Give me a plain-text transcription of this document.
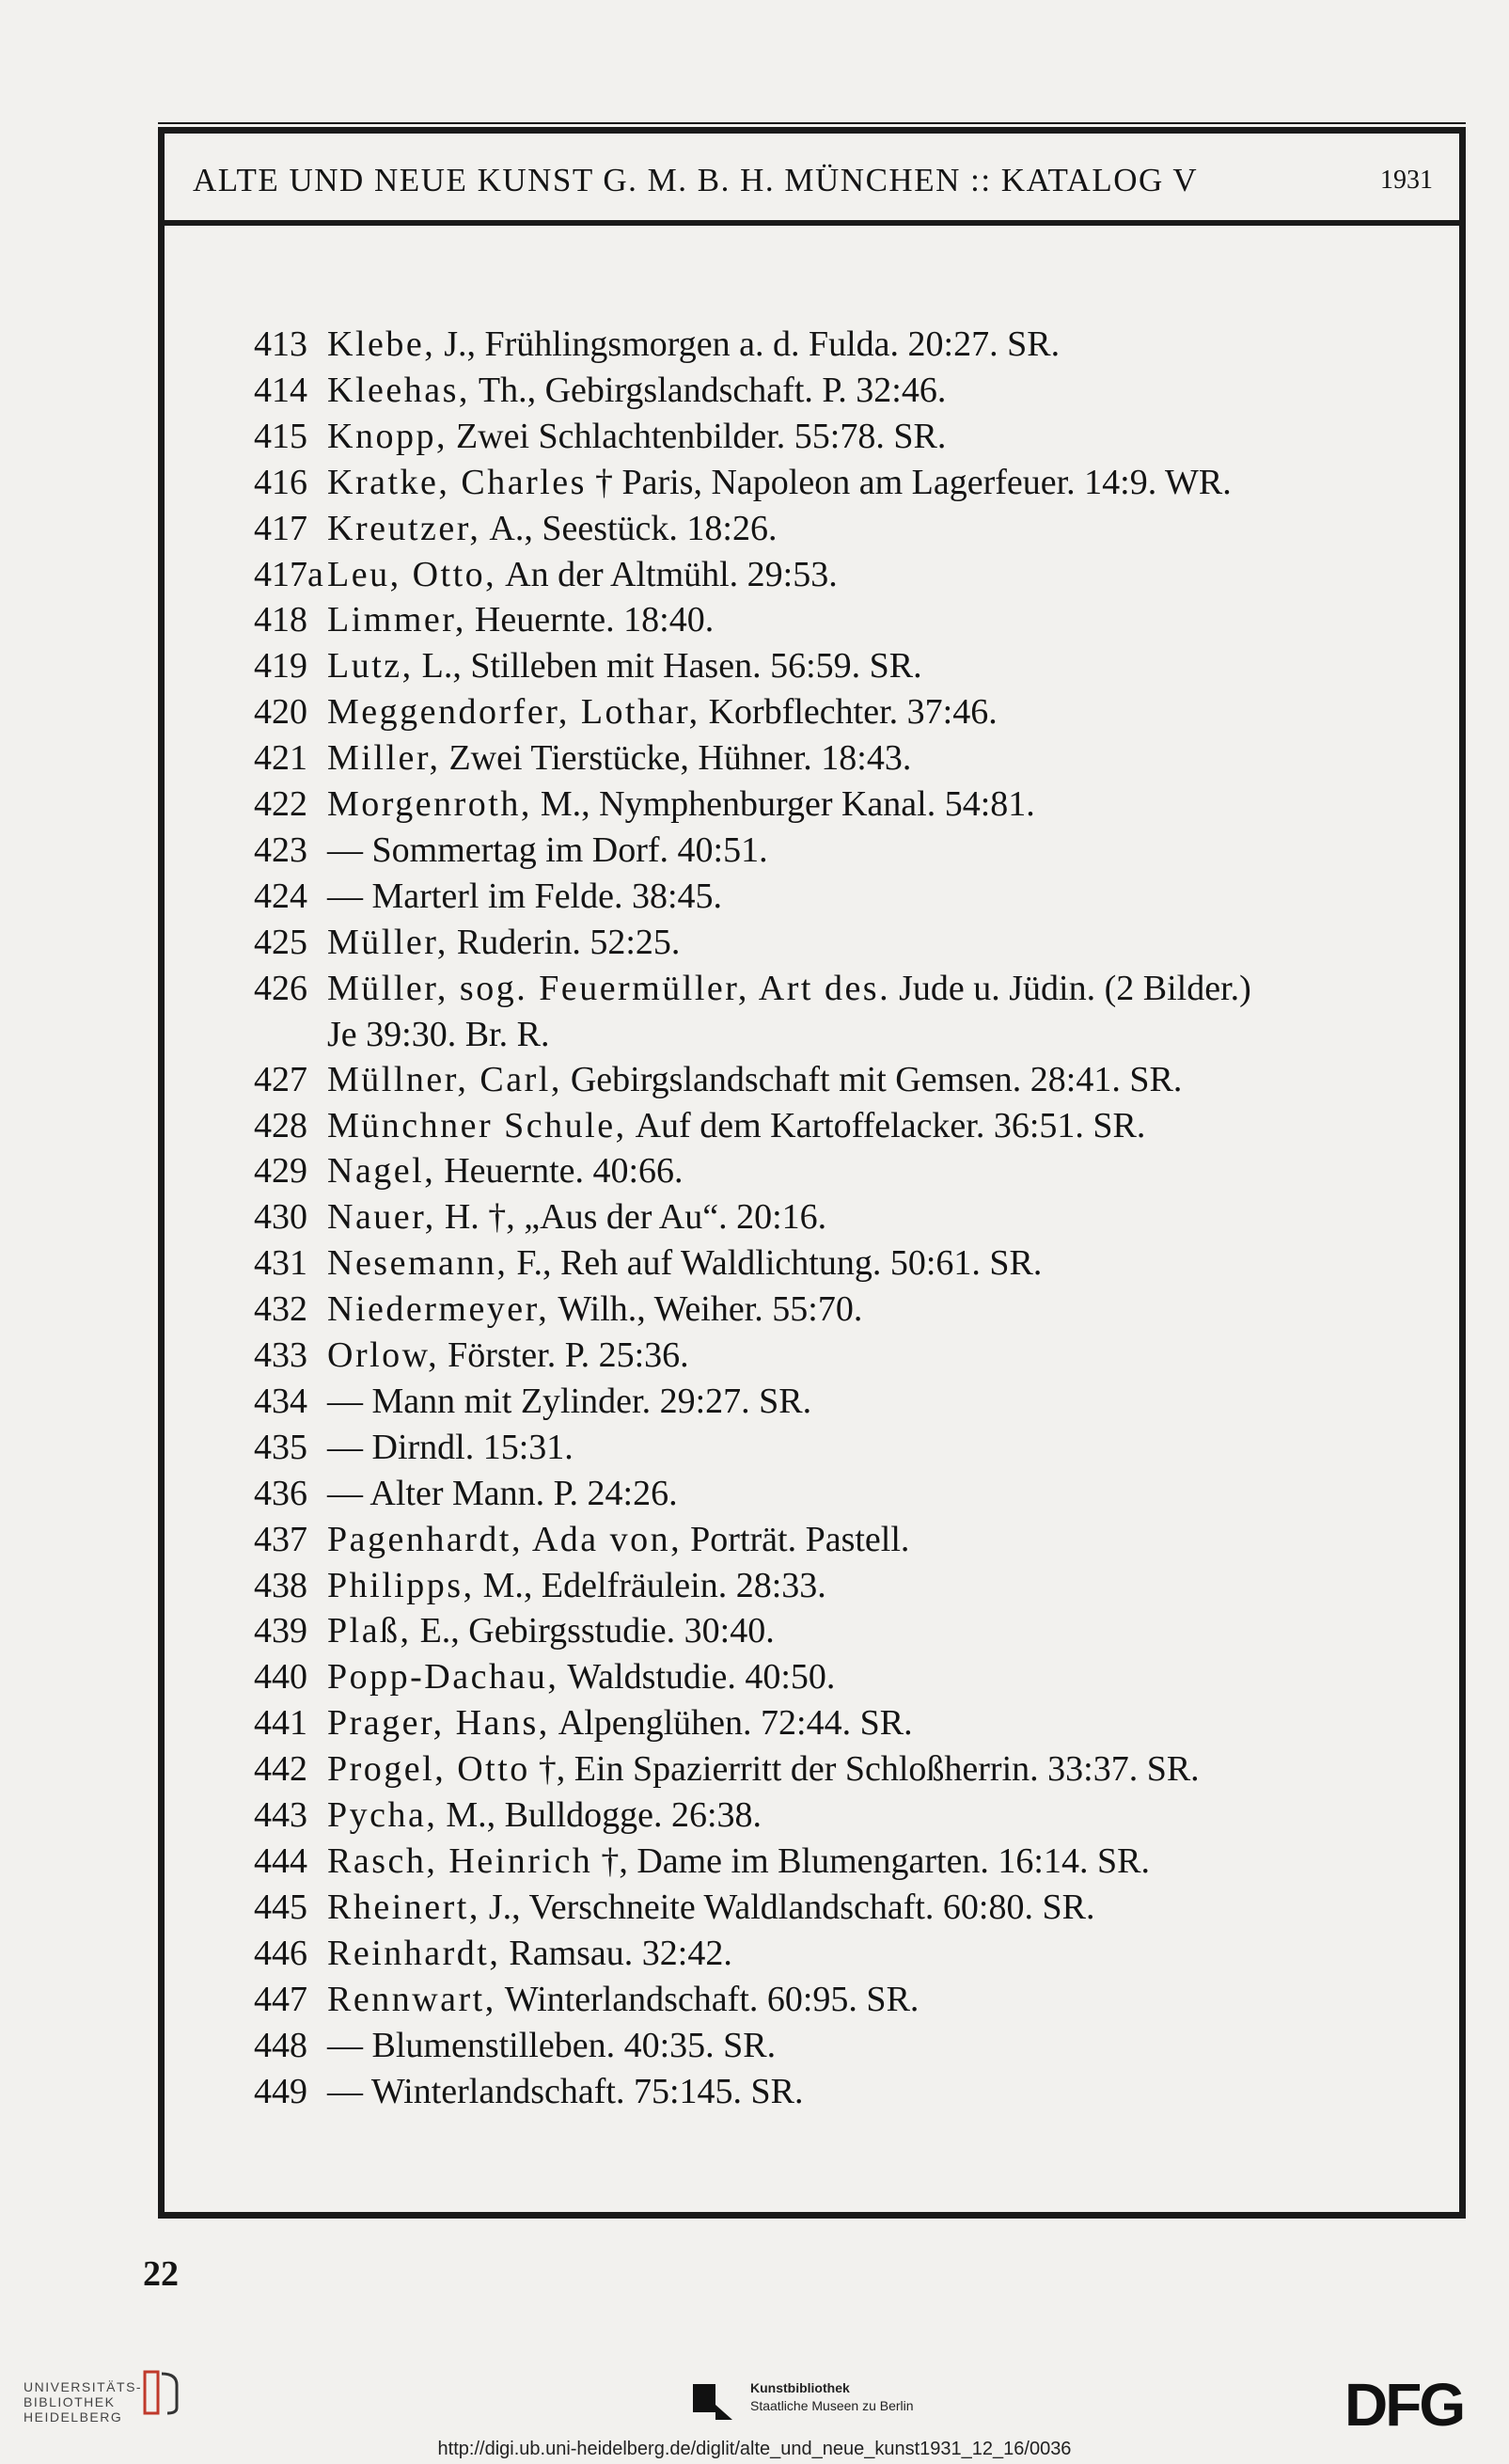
ALTE UND NEUE KUNST G. M. B. H. MÜNCHEN :: KATALOG V	1931
413 Klebe, J., Frühlingsmorgen a. d. Fulda. 20:27. SR.
414 Kleehas, Th., Gebirgslandschaft. P. 32:46.
415 Knopp, Zwei Schlachtenbilder. 55:78. SR.
416 Kratke, Charles † Paris, Napoleon am Lagerfeuer. 14:9. WR.
417 Kreutzer, A., Seestück. 18:26.
417a Leu, Otto, An der Altmühl. 29:53.
418 Limmer, Heuernte. 18:40.
419 Lutz, L., Stilleben mit Hasen. 56:59. SR.
420 Meggendorfer, Lothar, Korbflechter. 37:46.
421 Miller, Zwei Tierstücke, Hühner. 18:43.
422 Morgenroth, M., Nymphenburger Kanal. 54:81.
423 — Sommertag im Dorf. 40:51.
424 — Marterl im Felde. 38:45.
425 Müller, Ruderin. 52:25.
426 Müller, sog. Feuermüller, Art des. Jude u. Jüdin. (2 Bilder.)
Je 39:30. Br. R.
427 Müllner, Carl, Gebirgslandschaft mit Gemsen. 28:41. SR.
428 Münchner Schule, Auf dem Kartoffelacker. 36:51. SR.
429 Nagel, Heuernte. 40:66.
430 Nauer, H. †, „Aus der Au“. 20:16.
431 Nesemann, F., Reh auf Waldlichtung. 50:61. SR.
432 Niedermeyer, Wilh., Weiher. 55:70.
433 Orlow, Förster. P. 25:36.
434 — Mann mit Zylinder. 29:27. SR.
435 — Dirndl. 15:31.
436 — Alter Mann. P. 24:26.
437 Pagenhardt, Ada von, Porträt. Pastell.
438 Philipps, M., Edelfräulein. 28:33.
439 Plaß, E., Gebirgsstudie. 30:40.
440 Popp-Dachau, Waldstudie. 40:50.
441 Prager, Hans, Alpenglühen. 72:44. SR.
442 Progel, Otto †, Ein Spazierritt der Schloßherrin. 33:37. SR.
443 Pycha, M., Bulldogge. 26:38.
444 Rasch, Heinrich †, Dame im Blumengarten. 16:14. SR.
445 Rheinert, J., Verschneite Waldlandschaft. 60:80. SR.
446 Reinhardt, Ramsau. 32:42.
447 Rennwart, Winterlandschaft. 60:95. SR.
448 — Blumenstilleben. 40:35. SR.
449 — Winterlandschaft. 75:145. SR.
22
UNIVERSITÄTS-
BIBLIOTHEK
HEIDELBERG
Kunstbibliothek
Staatliche Museen zu Berlin	DFG
http://digi.ub.uni-heidelberg.de/diglit/alte_und_neue_kunst1931_12_16/0036
